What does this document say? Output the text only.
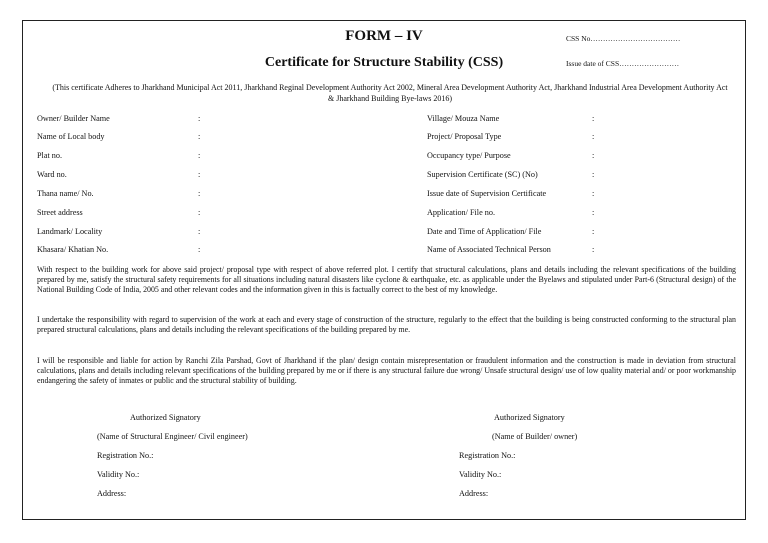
FORM – IV
Certificate for Structure Stability (CSS)
CSS No………………………………
Issue date of CSS……………………
(This certificate Adheres to Jharkhand Municipal Act 2011, Jharkhand Reginal Development Authority Act 2002, Mineral Area Development Authority Act, Jharkhand Industrial Area Development Authority Act & Jharkhand Building Bye-laws 2016)
Owner/ Builder Name
Name of Local body
Plat no.
Ward no.
Thana name/ No.
Street address
Landmark/ Locality
Khasara/ Khatian No.
:
:
:
:
:
:
:
:
Village/ Mouza Name
Project/ Proposal Type
Occupancy type/ Purpose
Supervision Certificate (SC) (No)
Issue date of Supervision Certificate
Application/ File no.
Date and Time of Application/ File
Name of Associated Technical Person
:
:
:
:
:
:
:
:
With respect to the building work for above said project/ proposal type with respect of above referred plot. I certify that structural calculations, plans and details including the relevant specifications of the building prepared by me, satisfy the structural safety requirements for all situations including natural disasters like cyclone & earthquake, etc. as applicable under the Byelaws and stipulated under Part-6 (Structural design) of the National Building Code of India, 2005 and other relevant codes and the information given in this is factually correct to the best of my knowledge.
I undertake the responsibility with regard to supervision of the work at each and every stage of construction of the structure, regularly to the effect that the building is being constructed conforming to the structural plan prepared structural calculations, plans and details including the relevant specifications of the building prepared by me.
I will be responsible and liable for action by Ranchi Zila Parshad, Govt of Jharkhand if the plan/ design contain misrepresentation or fraudulent information and the construction is made in deviation from structural calculations, plans and details including relevant specifications of the building prepared by me or if there is any structural failure due wrong/ Unsafe structural design/ use of low quality material and/ or poor workmanship endangering the safety of inmates or public and the structural stability of building.
Authorized Signatory
(Name of Structural Engineer/ Civil engineer)
Registration No.:
Validity No.:
Address:
Authorized Signatory
(Name of Builder/ owner)
Registration No.:
Validity No.:
Address:
